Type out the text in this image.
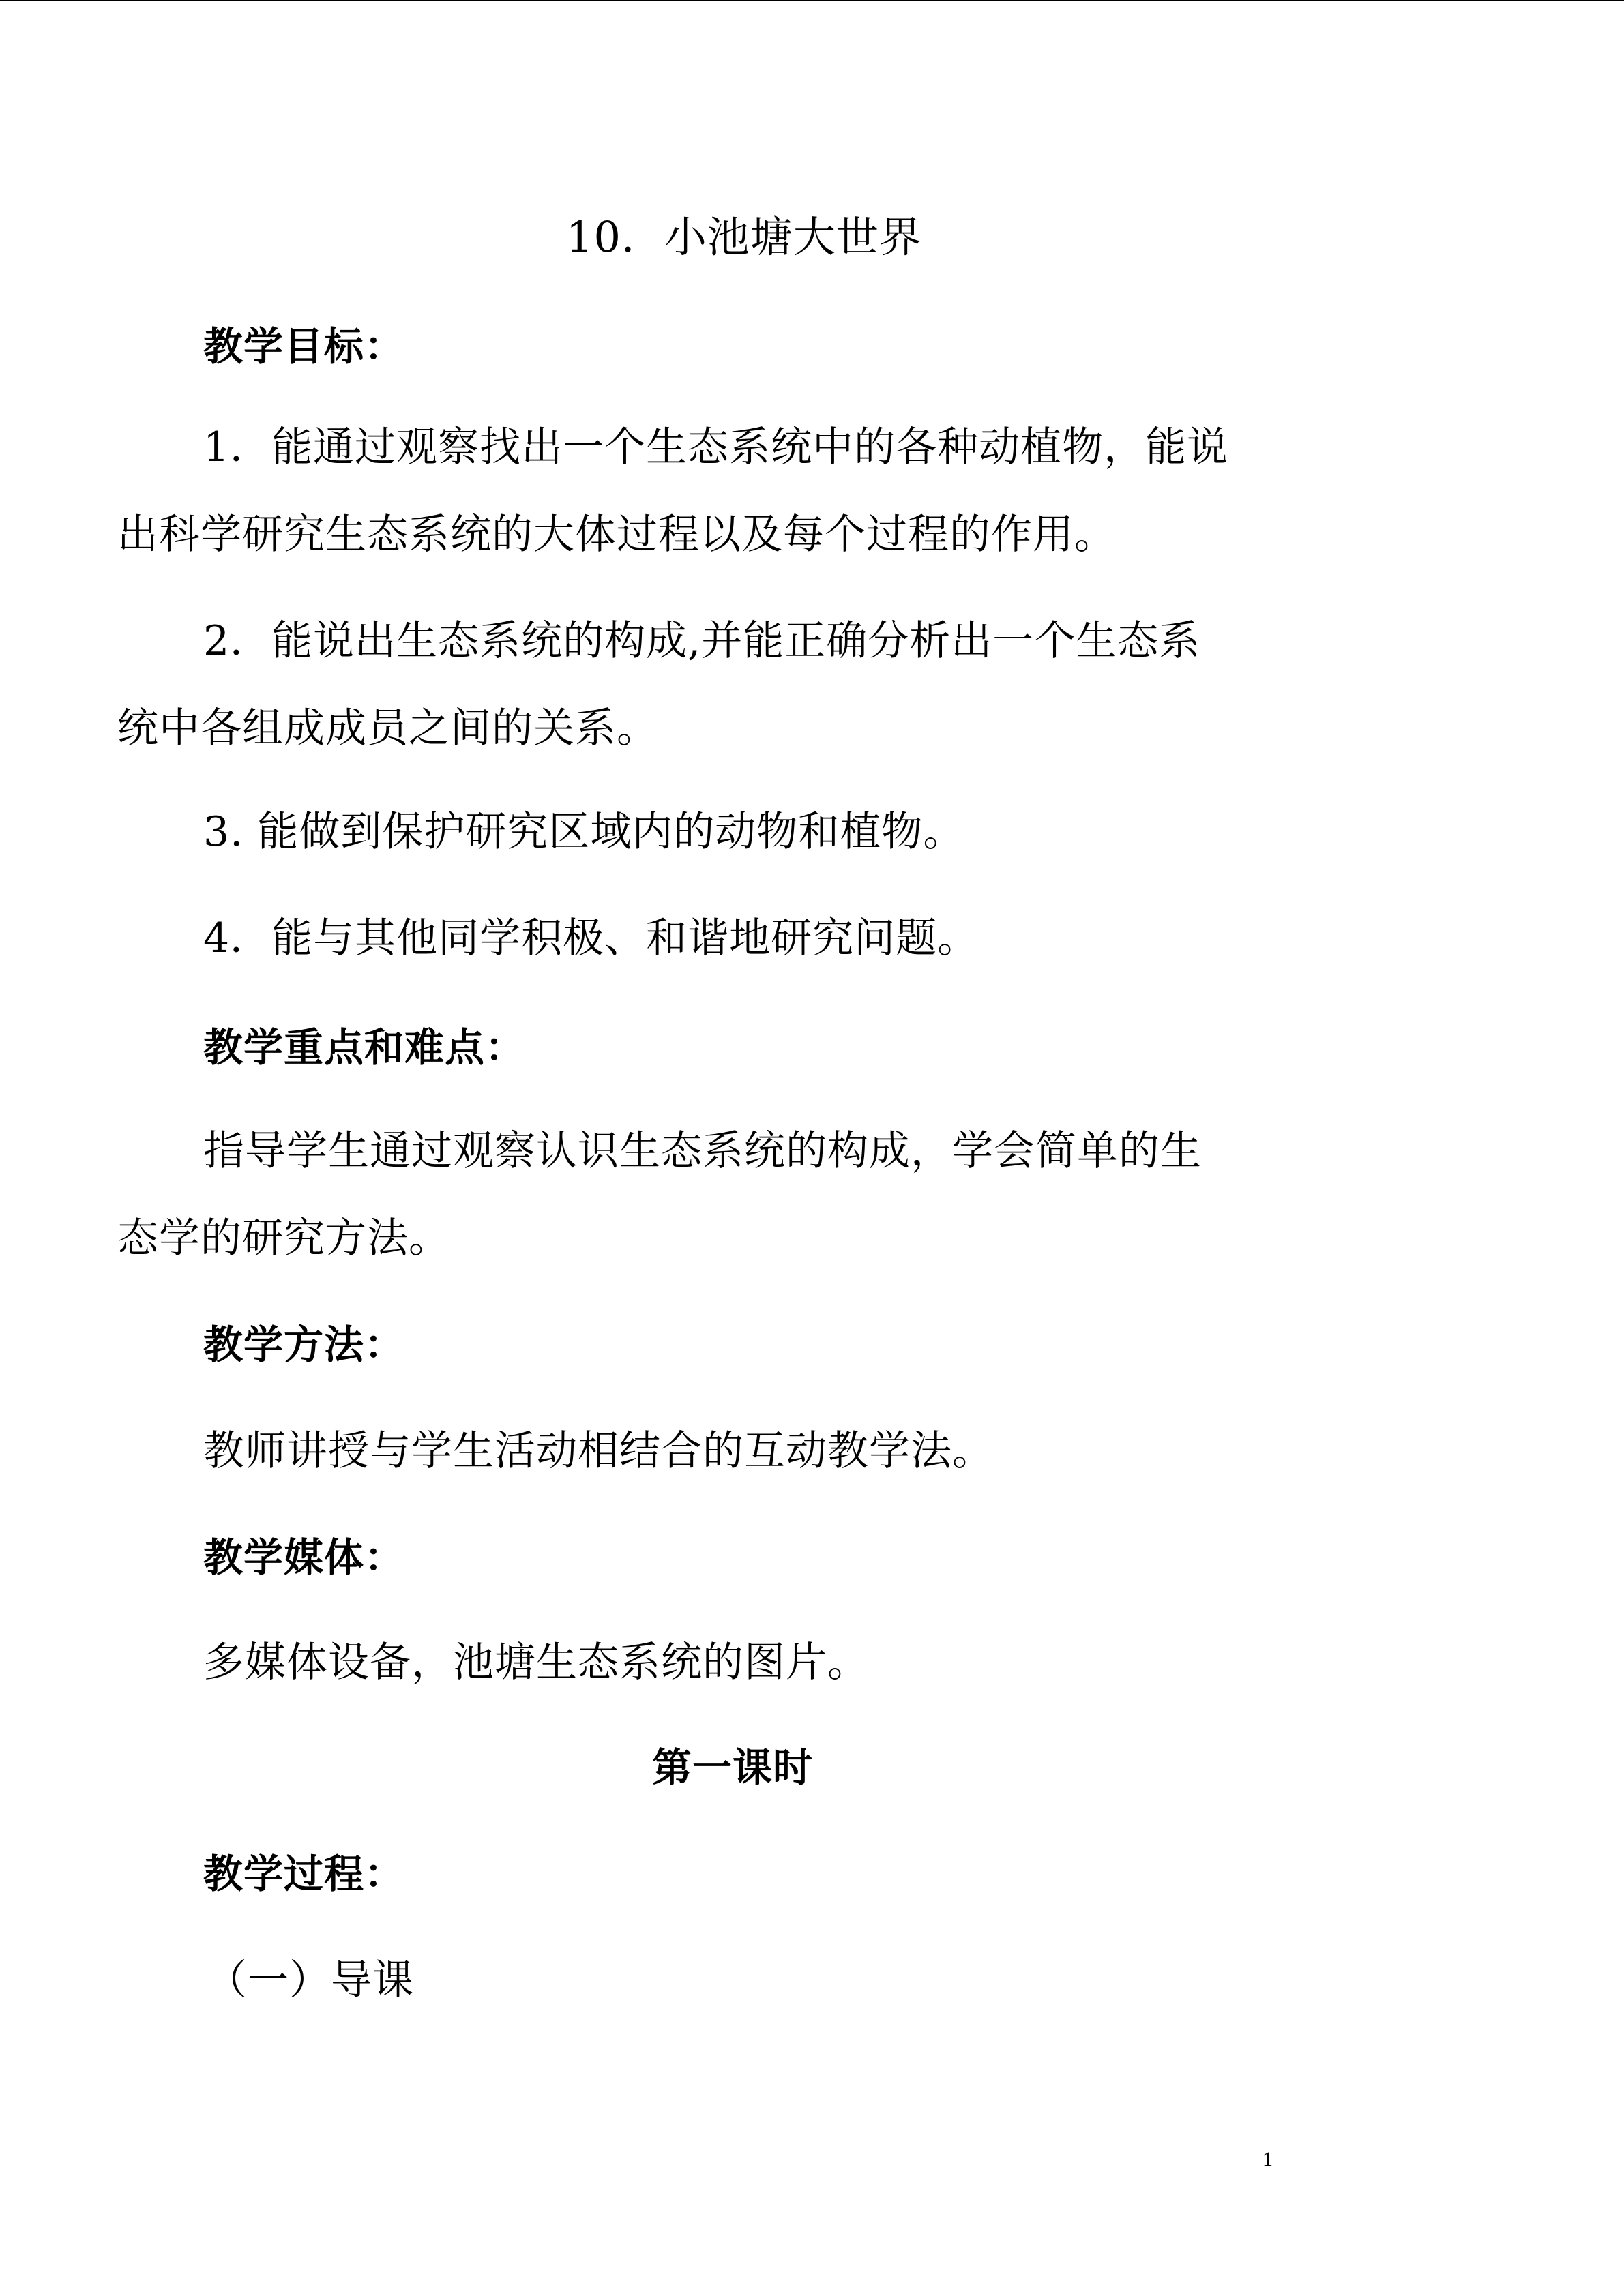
10．小池塘大世界

教学目标：

1．能通过观察找出一个生态系统中的各种动植物，能说

出科学研究生态系统的大体过程以及每个过程的作用。

2．能说出生态系统的构成,并能正确分析出一个生态系

统中各组成成员之间的关系。

3. 能做到保护研究区域内的动物和植物。

4．能与其他同学积极、和谐地研究问题。

教学重点和难点：

指导学生通过观察认识生态系统的构成，学会简单的生

态学的研究方法。

教学方法：

教师讲授与学生活动相结合的互动教学法。

教学媒体：

多媒体设备，池塘生态系统的图片。

第一课时

教学过程：

（一）导课

1
